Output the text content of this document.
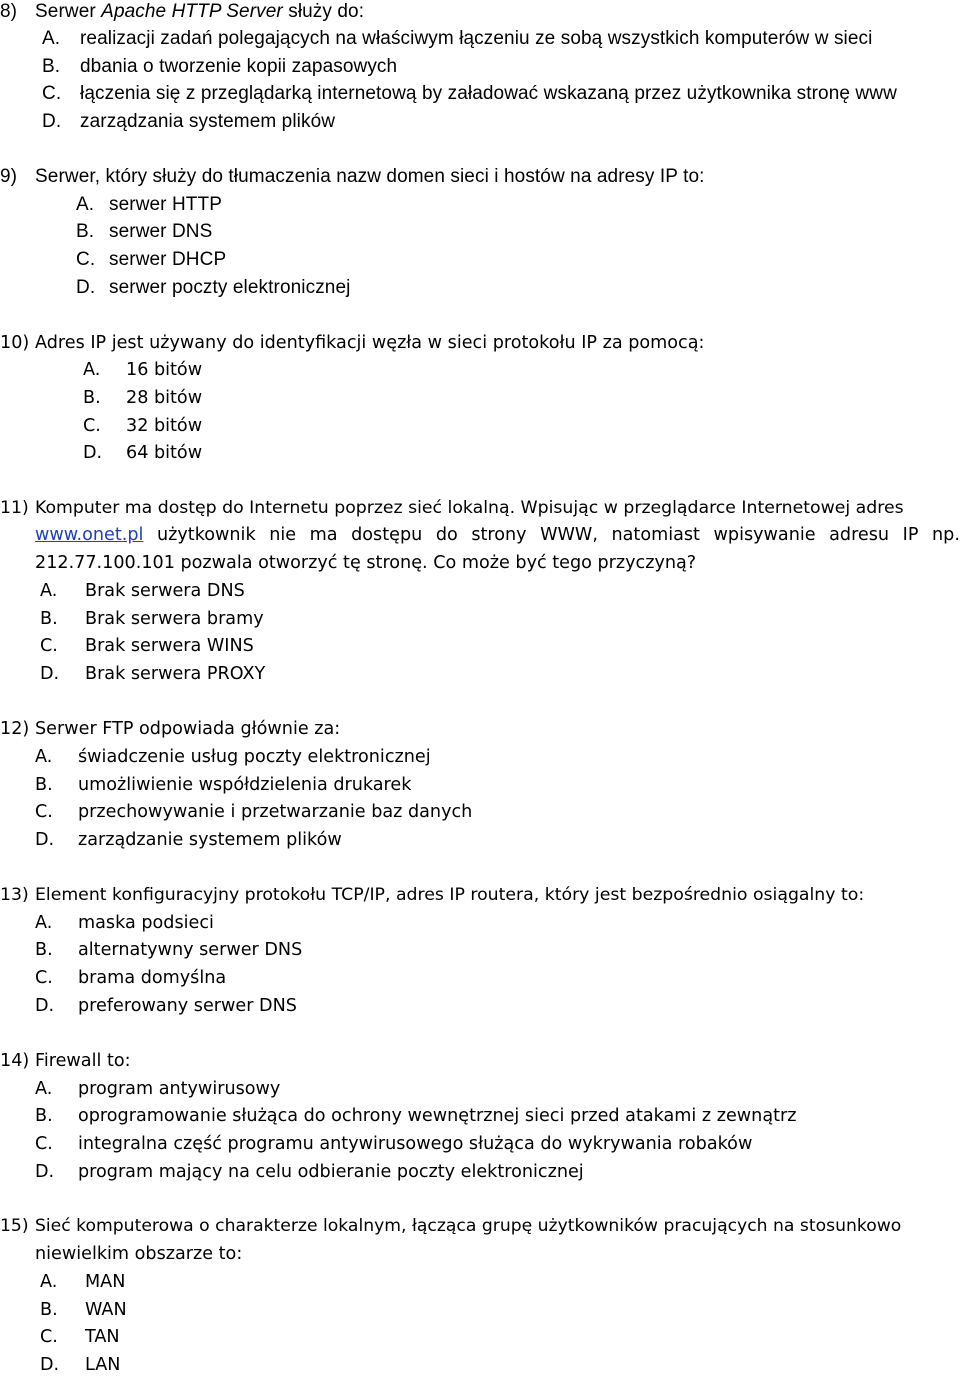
8) Serwer Apache HTTP Server służy do:
A. realizacji zadań polegających na właściwym łączeniu ze sobą wszystkich komputerów w sieci
B. dbania o tworzenie kopii zapasowych
C. łączenia się z przeglądarką internetową by załadować wskazaną przez użytkownika stronę www
D. zarządzania systemem plików
9) Serwer, który służy do tłumaczenia nazw domen sieci i hostów na adresy IP to:
A. serwer HTTP
B. serwer DNS
C. serwer DHCP
D. serwer poczty elektronicznej
10) Adres IP jest używany do identyfikacji węzła w sieci protokołu IP za pomocą:
A. 16 bitów
B. 28 bitów
C. 32 bitów
D. 64 bitów
11) Komputer ma dostęp do Internetu poprzez sieć lokalną. Wpisując w przeglądarce Internetowej adres
www.onet.pl użytkownik nie ma dostępu do strony WWW, natomiast wpisywanie adresu IP np.
212.77.100.101 pozwala otworzyć tę stronę. Co może być tego przyczyną?
A. Brak serwera DNS
B. Brak serwera bramy
C. Brak serwera WINS
D. Brak serwera PROXY
12) Serwer FTP odpowiada głównie za:
A. świadczenie usług poczty elektronicznej
B. umożliwienie współdzielenia drukarek
C. przechowywanie i przetwarzanie baz danych
D. zarządzanie systemem plików
13) Element konfiguracyjny protokołu TCP/IP, adres IP routera, który jest bezpośrednio osiągalny to:
A. maska podsieci
B. alternatywny serwer DNS
C. brama domyślna
D. preferowany serwer DNS
14) Firewall to:
A. program antywirusowy
B. oprogramowanie służąca do ochrony wewnętrznej sieci przed atakami z zewnątrz
C. integralna część programu antywirusowego służąca do wykrywania robaków
D. program mający na celu odbieranie poczty elektronicznej
15) Sieć komputerowa o charakterze lokalnym, łącząca grupę użytkowników pracujących na stosunkowo
niewielkim obszarze to:
A. MAN
B. WAN
C. TAN
D. LAN
